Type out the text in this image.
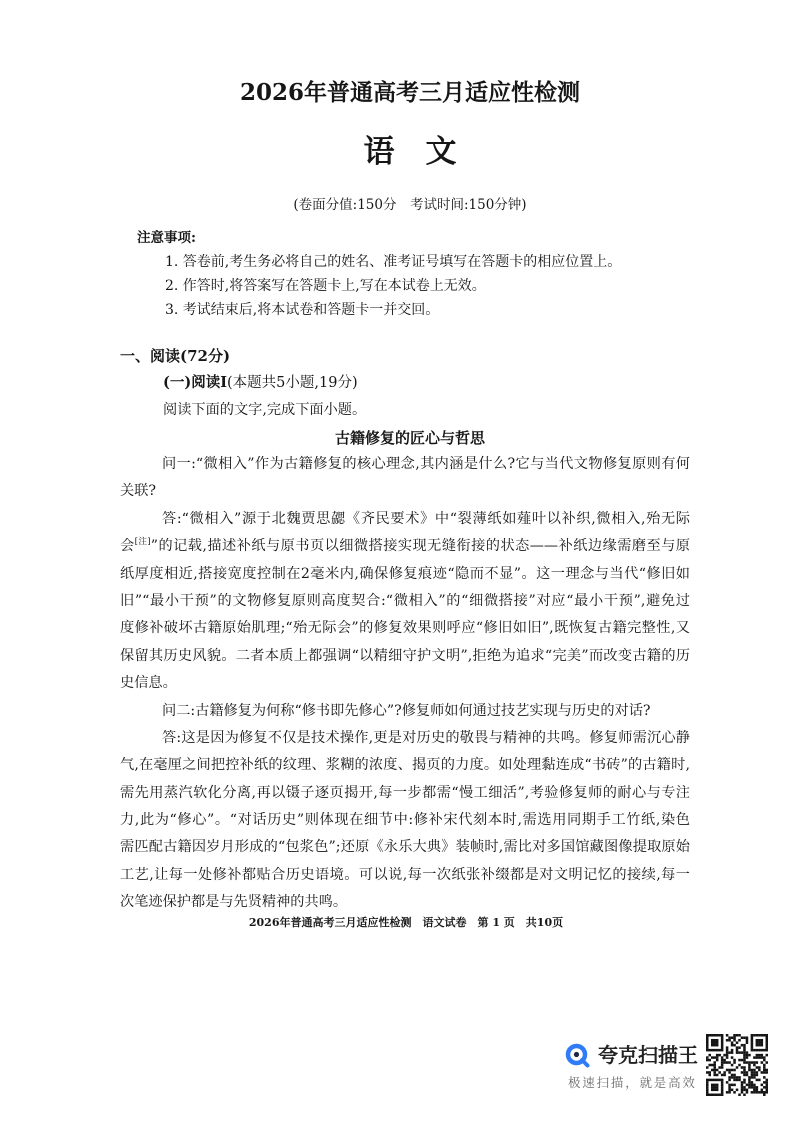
2026年普通高考三月适应性检测
语　文
(卷面分值:150分　考试时间:150分钟)
注意事项:
1. 答卷前,考生务必将自己的姓名、准考证号填写在答题卡的相应位置上。
2. 作答时,将答案写在答题卡上,写在本试卷上无效。
3. 考试结束后,将本试卷和答题卡一并交回。
一、阅读(72分)
(一)阅读Ⅰ(本题共5小题,19分)
阅读下面的文字,完成下面小题。
古籍修复的匠心与哲思
问一:“微相入”作为古籍修复的核心理念,其内涵是什么?它与当代文物修复原则有何
关联?
答:“微相入”源于北魏贾思勰《齐民要术》中“裂薄纸如薤叶以补织,微相入,殆无际
会[注]”的记载,描述补纸与原书页以细微搭接实现无缝衔接的状态——补纸边缘需磨至与原
纸厚度相近,搭接宽度控制在2毫米内,确保修复痕迹“隐而不显”。这一理念与当代“修旧如
旧”“最小干预”的文物修复原则高度契合:“微相入”的“细微搭接”对应“最小干预”,避免过
度修补破坏古籍原始肌理;“殆无际会”的修复效果则呼应“修旧如旧”,既恢复古籍完整性,又
保留其历史风貌。二者本质上都强调“以精细守护文明”,拒绝为追求“完美”而改变古籍的历
史信息。
问二:古籍修复为何称“修书即先修心”?修复师如何通过技艺实现与历史的对话?
答:这是因为修复不仅是技术操作,更是对历史的敬畏与精神的共鸣。修复师需沉心静
气,在毫厘之间把控补纸的纹理、浆糊的浓度、揭页的力度。如处理黏连成“书砖”的古籍时,
需先用蒸汽软化分离,再以镊子逐页揭开,每一步都需“慢工细活”,考验修复师的耐心与专注
力,此为“修心”。“对话历史”则体现在细节中:修补宋代刻本时,需选用同期手工竹纸,染色
需匹配古籍因岁月形成的“包浆色”;还原《永乐大典》装帧时,需比对多国馆藏图像提取原始
工艺,让每一处修补都贴合历史语境。可以说,每一次纸张补缀都是对文明记忆的接续,每一
次笔迹保护都是与先贤精神的共鸣。
2026年普通高考三月适应性检测　语文试卷　第 1 页　共10页
夸克扫描王
极速扫描，就是高效
